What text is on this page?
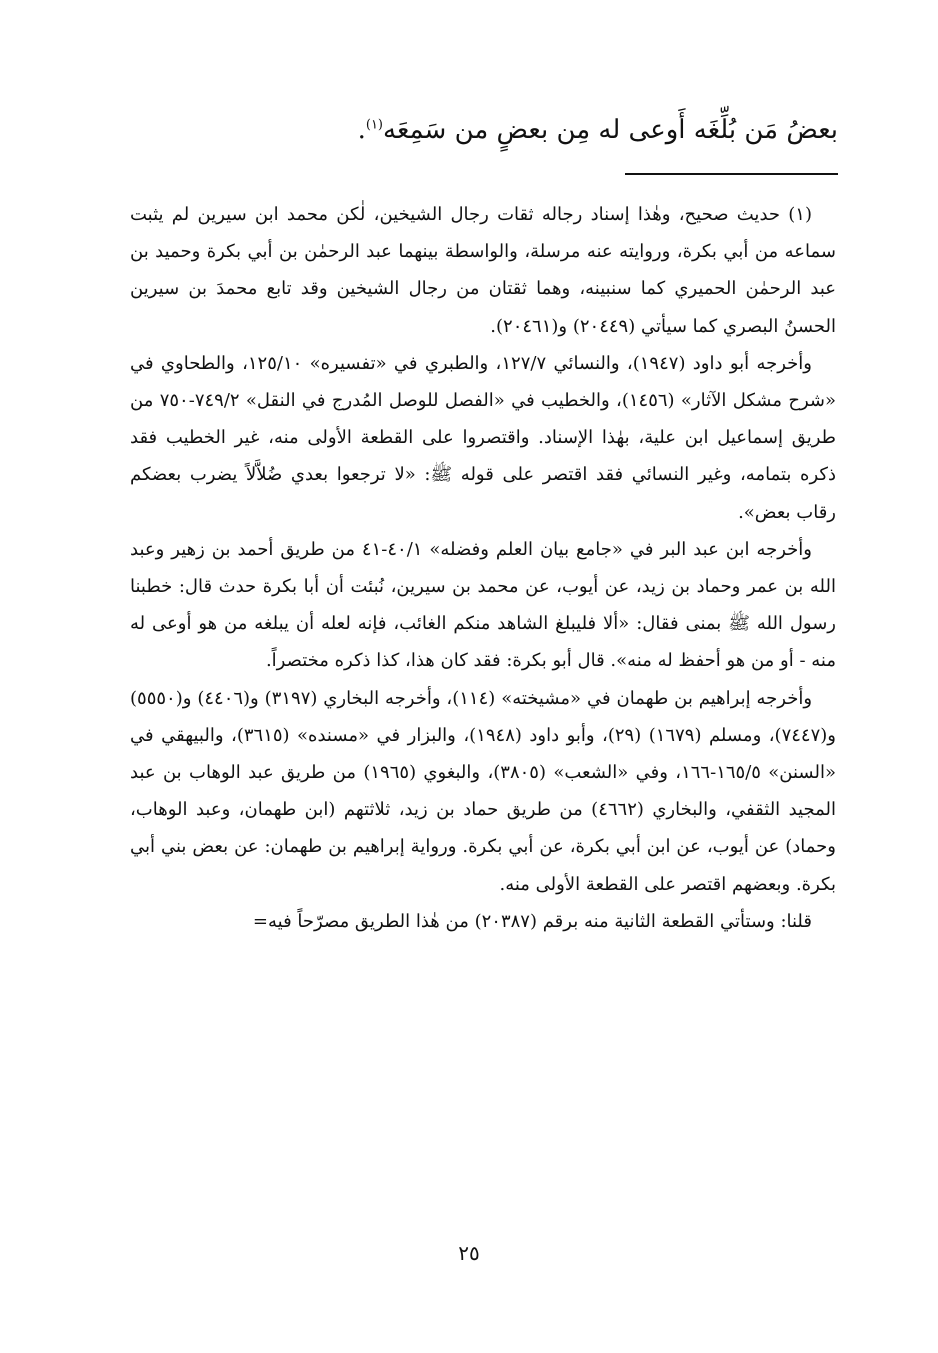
بعضُ مَن بُلِّغَه أَوعى له مِن بعضٍ من سَمِعَه$^{(١)}$.

(١) حديث صحيح، وهٰذا إسناد رجاله ثقات رجال الشيخين، لٰكن محمد ابن سيرين لم يثبت سماعه من أبي بكرة، وروايته عنه مرسلة، والواسطة بينهما عبد الرحمٰن بن أبي بكرة وحميد بن عبد الرحمٰن الحميري كما سنبينه، وهما ثقتان من رجال الشيخين وقد تابع محمدَ بن سيرين الحسنُ البصري كما سيأتي (٢٠٤٤٩) و(٢٠٤٦١).

وأخرجه أبو داود (١٩٤٧)، والنسائي ١٢٧/٧، والطبري في «تفسيره» ١٢٥/١٠، والطحاوي في «شرح مشكل الآثار» (١٤٥٦)، والخطيب في «الفصل للوصل المُدرج في النقل» ٧٤٩/٢-٧٥٠ من طريق إسماعيل ابن علية، بهٰذا الإسناد. واقتصروا على القطعة الأولى منه، غير الخطيب فقد ذكره بتمامه، وغير النسائي فقد اقتصر على قوله ﷺ: «لا ترجعوا بعدي ضُلاَّلاً يضرب بعضكم رقاب بعض».

وأخرجه ابن عبد البر في «جامع بيان العلم وفضله» ٤٠/١-٤١ من طريق أحمد بن زهير وعبد الله بن عمر وحماد بن زيد، عن أيوب، عن محمد بن سيرين، نُبئت أن أبا بكرة حدث قال: خطبنا رسول الله ﷺ بمنى فقال: «ألا فليبلغ الشاهد منكم الغائب، فإنه لعله أن يبلغه من هو أوعى له منه - أو من هو أحفظ له منه». قال أبو بكرة: فقد كان هذا، كذا ذكره مختصراً.

وأخرجه إبراهيم بن طهمان في «مشيخته» (١١٤)، وأخرجه البخاري (٣١٩٧) و(٤٤٠٦) و(٥٥٥٠) و(٧٤٤٧)، ومسلم (١٦٧٩) (٢٩)، وأبو داود (١٩٤٨)، والبزار في «مسنده» (٣٦١٥)، والبيهقي في «السنن» ١٦٥/٥-١٦٦، وفي «الشعب» (٣٨٠٥)، والبغوي (١٩٦٥) من طريق عبد الوهاب بن عبد المجيد الثقفي، والبخاري (٤٦٦٢) من طريق حماد بن زيد، ثلاثتهم (ابن طهمان، وعبد الوهاب، وحماد) عن أيوب، عن ابن أبي بكرة، عن أبي بكرة. ورواية إبراهيم بن طهمان: عن بعض بني أبي بكرة. وبعضهم اقتصر على القطعة الأولى منه.

قلنا: وستأتي القطعة الثانية منه برقم (٢٠٣٨٧) من هٰذا الطريق مصرّحاً فيه=

٢٥
